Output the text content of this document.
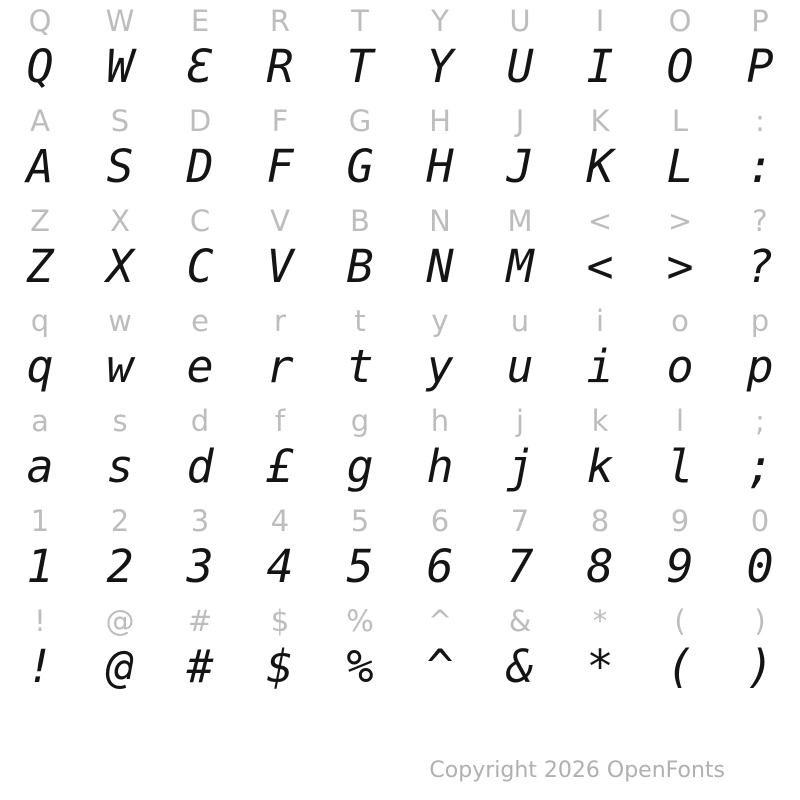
Q	W	E	R	T	Y	U	I	O	P
Q	W	Ɛ	R	T	Y	U	I	O	P
A	S	D	F	G	H	J	K	L	:
A	S	D	F	G	H	J	K	L	:
Z	X	C	V	B	N	M	<	>	?
Z	X	C	V	B	N	M	<	>	?
q	w	e	r	t	y	u	i	o	p
q	w	e	r	t	y	u	i	o	p
a	s	d	f	g	h	j	k	l	;
a	s	d	£	g	h	j	k	l	;
1	2	3	4	5	6	7	8	9	0
1	2	3	4	5	6	7	8	9	0
!	@	#	$	%	^	&	*	(	)
!	@	#	$	%	^	&	*	(	)
Copyright 2026 OpenFonts
